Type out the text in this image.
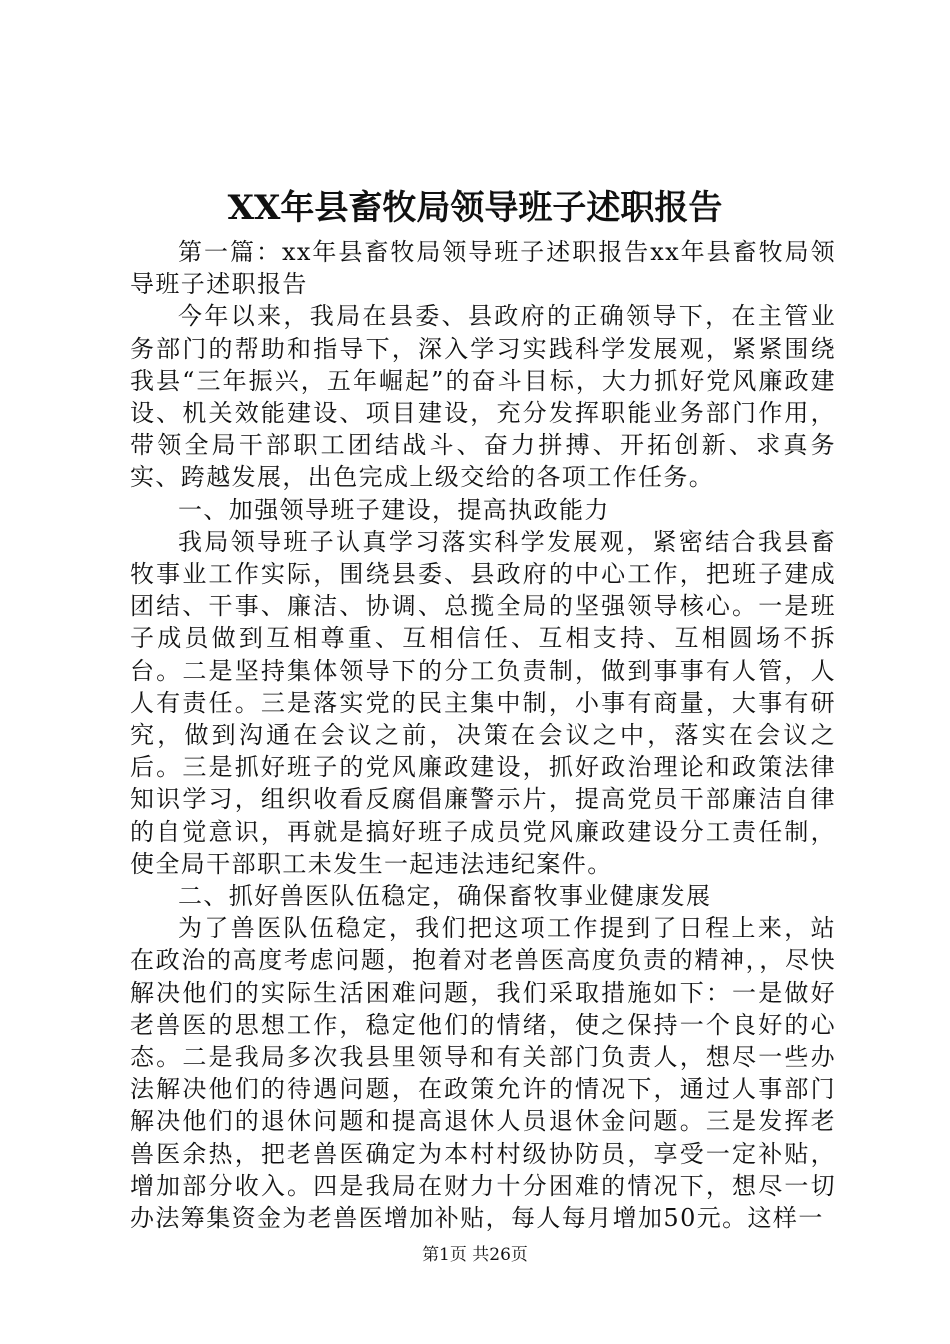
XX年县畜牧局领导班子述职报告

第一篇：xx年县畜牧局领导班子述职报告xx年县畜牧局领导班子述职报告

今年以来，我局在县委、县政府的正确领导下，在主管业务部门的帮助和指导下，深入学习实践科学发展观，紧紧围绕我县“三年振兴，五年崛起”的奋斗目标，大力抓好党风廉政建设、机关效能建设、项目建设，充分发挥职能业务部门作用，带领全局干部职工团结战斗、奋力拼搏、开拓创新、求真务实、跨越发展，出色完成上级交给的各项工作任务。

一、加强领导班子建设，提高执政能力

我局领导班子认真学习落实科学发展观，紧密结合我县畜牧事业工作实际，围绕县委、县政府的中心工作，把班子建成团结、干事、廉洁、协调、总揽全局的坚强领导核心。一是班子成员做到互相尊重、互相信任、互相支持、互相圆场不拆台。二是坚持集体领导下的分工负责制，做到事事有人管，人人有责任。三是落实党的民主集中制，小事有商量，大事有研究，做到沟通在会议之前，决策在会议之中，落实在会议之后。三是抓好班子的党风廉政建设，抓好政治理论和政策法律知识学习，组织收看反腐倡廉警示片，提高党员干部廉洁自律的自觉意识，再就是搞好班子成员党风廉政建设分工责任制，使全局干部职工未发生一起违法违纪案件。

二、抓好兽医队伍稳定，确保畜牧事业健康发展

为了兽医队伍稳定，我们把这项工作提到了日程上来，站在政治的高度考虑问题，抱着对老兽医高度负责的精神，，尽快解决他们的实际生活困难问题，我们采取措施如下：一是做好老兽医的思想工作，稳定他们的情绪，使之保持一个良好的心态。二是我局多次我县里领导和有关部门负责人，想尽一些办法解决他们的待遇问题，在政策允许的情况下，通过人事部门解决他们的退休问题和提高退休人员退休金问题。三是发挥老兽医余热，把老兽医确定为本村村级协防员，享受一定补贴，增加部分收入。四是我局在财力十分困难的情况下，想尽一切办法筹集资金为老兽医增加补贴，每人每月增加50元。这样一

第1页 共26页
